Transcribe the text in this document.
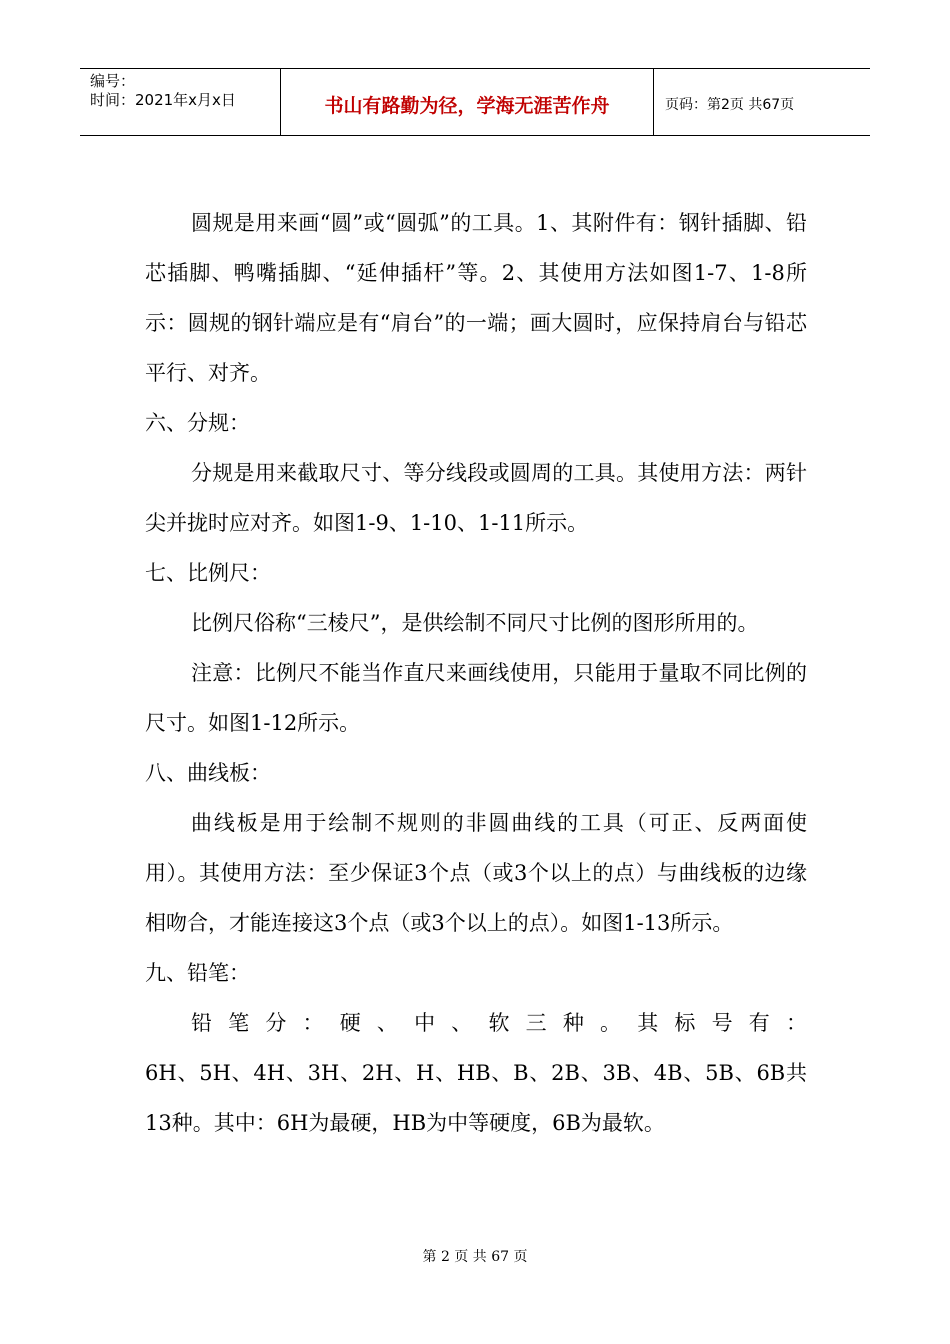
编号：
时间：2021年x月x日	书山有路勤为径，学海无涯苦作舟	页码：第2页 共67页

圆规是用来画“圆”或“圆弧”的工具。1、其附件有：钢针插脚、铅芯插脚、鸭嘴插脚、“延伸插杆”等。2、其使用方法如图1-7、1-8所示：圆规的钢针端应是有“肩台”的一端；画大圆时，应保持肩台与铅芯平行、对齐。

六、分规：

分规是用来截取尺寸、等分线段或圆周的工具。其使用方法：两针尖并拢时应对齐。如图1-9、1-10、1-11所示。

七、比例尺：

比例尺俗称“三棱尺”，是供绘制不同尺寸比例的图形所用的。

注意：比例尺不能当作直尺来画线使用，只能用于量取不同比例的尺寸。如图1-12所示。

八、曲线板：

曲线板是用于绘制不规则的非圆曲线的工具（可正、反两面使用）。其使用方法：至少保证3个点（或3个以上的点）与曲线板的边缘相吻合，才能连接这3个点（或3个以上的点）。如图1-13所示。

九、铅笔：

铅笔分：硬、中、软三种。其标号有：

6H、5H、4H、3H、2H、H、HB、B、2B、3B、4B、5B、6B共13种。其中：6H为最硬，HB为中等硬度，6B为最软。

第 2 页 共 67 页
